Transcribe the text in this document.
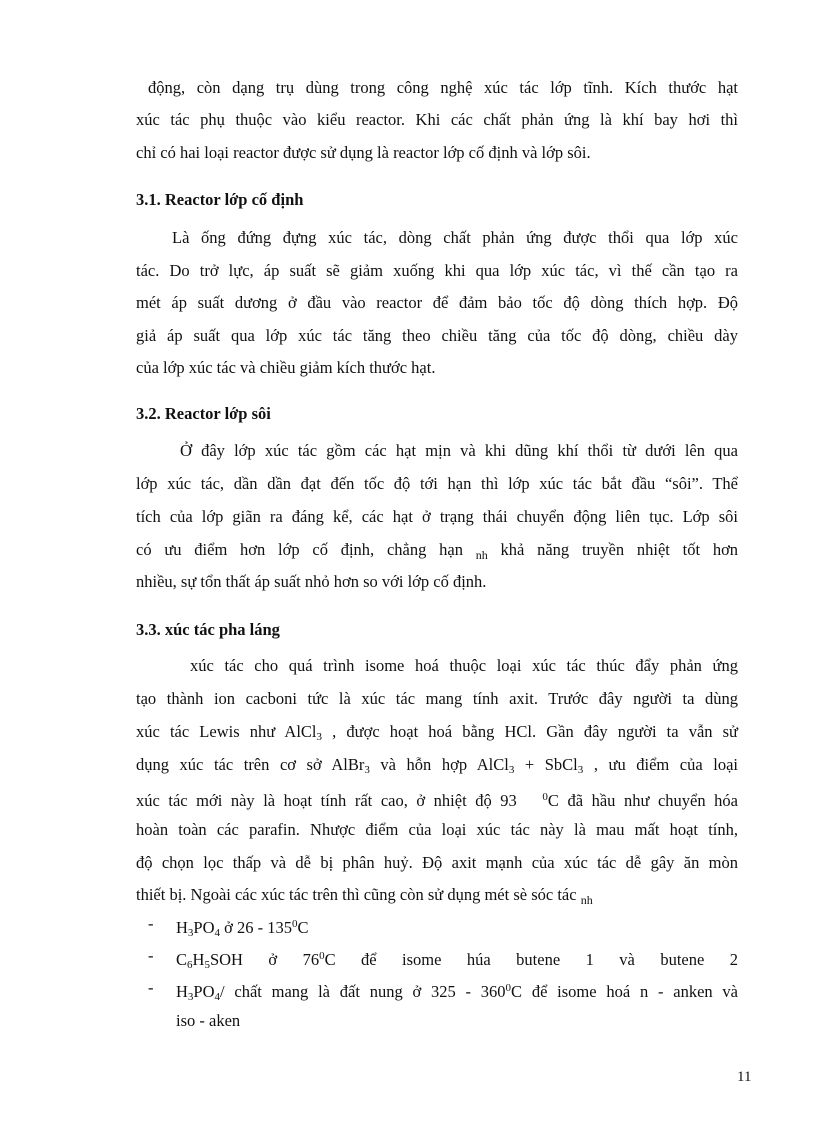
động, còn dạng trụ dùng trong công nghệ xúc tác lớp tĩnh. Kích thước hạt
xúc tác phụ thuộc vào kiểu reactor. Khi các chất phản ứng là khí bay hơi thì
chỉ có hai loại reactor được sử dụng là reactor lớp cố định và lớp sôi.
3.1. Reactor lớp cố định
Là ống đứng đựng xúc tác, dòng chất phản ứng được thổi qua lớp xúc
tác. Do trở lực, áp suất sẽ giảm xuống khi qua lớp xúc tác, vì thế cần tạo ra
mét áp suất dương ở đầu vào reactor để đảm bảo tốc độ dòng thích hợp. Độ
giả áp suất qua lớp xúc tác tăng theo chiều tăng của tốc độ dòng, chiều dày
của lớp xúc tác và chiều giảm kích thước hạt.
3.2. Reactor lớp sôi
Ở đây lớp xúc tác gồm các hạt mịn và khi dũng khí thổi từ dưới lên qua
lớp xúc tác, dần dần đạt đến tốc độ tới hạn thì lớp xúc tác bắt đầu “sôi”. Thể
tích của lớp giãn ra đáng kể, các hạt ở trạng thái chuyển động liên tục. Lớp sôi
có ưu điểm hơn lớp cố định, chẳng hạn $_{nh}$ khả năng truyền nhiệt tốt hơn
nhiều, sự tổn thất áp suất nhỏ hơn so với lớp cố định.
3.3. xúc tác pha láng
xúc tác cho quá trình isome hoá thuộc loại xúc tác thúc đẩy phản ứng
tạo thành ion cacboni tức là xúc tác mang tính axit. Trước đây người ta dùng
xúc tác Lewis như AlCl$_3$ , được hoạt hoá bằng HCl. Gần đây người ta vẫn sử
dụng xúc tác trên cơ sở AlBr$_3$ và hỗn hợp AlCl$_3$ + SbCl$_3$ , ưu điểm của loại
xúc tác mới này là hoạt tính rất cao, ở nhiệt độ 93 $^0$C đã hầu như chuyển hóa
hoàn toàn các parafin. Nhược điểm của loại xúc tác này là mau mất hoạt tính,
độ chọn lọc thấp và dễ bị phân huỷ. Độ axit mạnh của xúc tác dễ gây ăn mòn
thiết bị. Ngoài các xúc tác trên thì cũng còn sử dụng mét sè sóc tác $_{nh}$
- $H_3PO_4$ ở $26 - 135^0C$
- $C_6H_5SOH$ ở $76^0C$ để isome húa butene 1 và butene 2
- $H_3PO_4/$ chất mang là đất nung ở $325 - 360^0C$ để isome hoá n - anken và
iso - aken
11
